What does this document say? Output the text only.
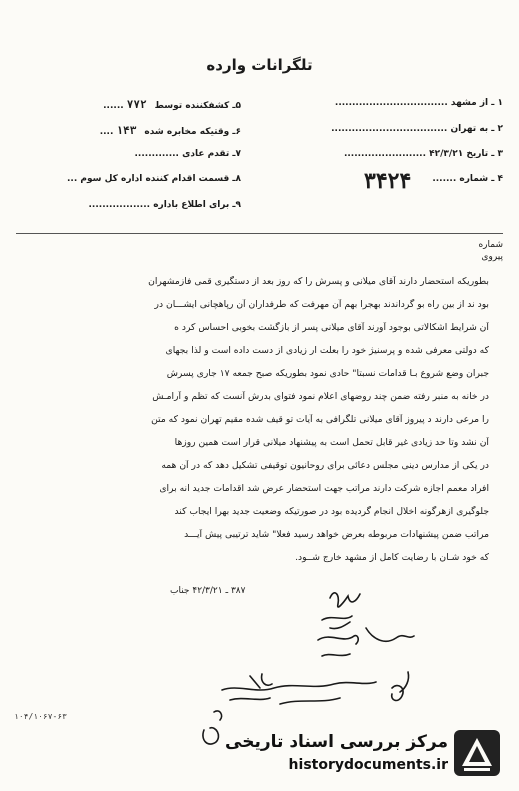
تلگرانات وارده
۱ ـ از مشهد .................................
۲ ـ به تهران ..................................
۳ ـ تاریخ ۴۲/۳/۲۱ ........................
۴ ـ شماره .......
۳۴۲۴
۵ـ کشفکننده توسط۷۷۲ ......
۶ـ وقتیکه مخابره شده۱۴۳ ....
۷ـ تقدم عادی .............
۸ـ قسمت اقدام کننده اداره کل سوم ...
۹ـ برای اطلاع باداره ..................
شماره
پیروی
بطوریکه استحضار دارند آقای میلانی و پسرش را که روز بعد از دستگیری قمی فازمشهران
بود ند از بین راه بو گرداندند بهجرا بهم آن مهرفت که طرفداران آن رپاهچانی ایشـــان در
آن شرایط اشکالاتی بوجود آورند آقای میلانی پسر از بازگشت بخوبی احساس کرد ه
که دولتی معرفی شده و پرسنیژ خود را بعلت ار زیادی از دست داده است و لذا بجهای
جبران وضع شروع بـا قدامات نسبتا" حادی نمود بطوریکه صبح جمعه ۱۷ جاری پسرش
در خانه به منبر رفته ضمن چند روضهای اعلام نمود فتوای بدرش آنست که تظم و آرامـش
را مرعی دارند د پیروز آقای میلانی تلگرافی به آیات تو قیف شده مقیم تهران نمود که متن
آن نشد وتا حد زیادی غیر قابل تحمل است به پیشنهاد میلانی قرار است همین روزها
در یکی از مدارس دینی مجلس دعائی برای روحانیون توقیفی تشکیل دهد که در آن همه
افراد معمم اجازه شرکت دارند مراتب جهت استحضار عرض شد اقدامات جدید انه برای
جلوگیری ازهرگونه اخلال انجام گردیده بود در صورتیکه وضعیت جدید بهرا ایجاب کند
مراتب ضمن پیشنهادات مربوطه بعرض خواهد رسید فعلا" شاید ترتیبی پیش آیـــد
که خود شـان با رضایت کامل از مشهد خارج شــود.
۳۸۷ ـ ۴۲/۳/۲۱ جناب
۱۰۴/۱۰۶۷-۶۳
مرکز بررسی اسناد تاریخی
historydocuments.ir
